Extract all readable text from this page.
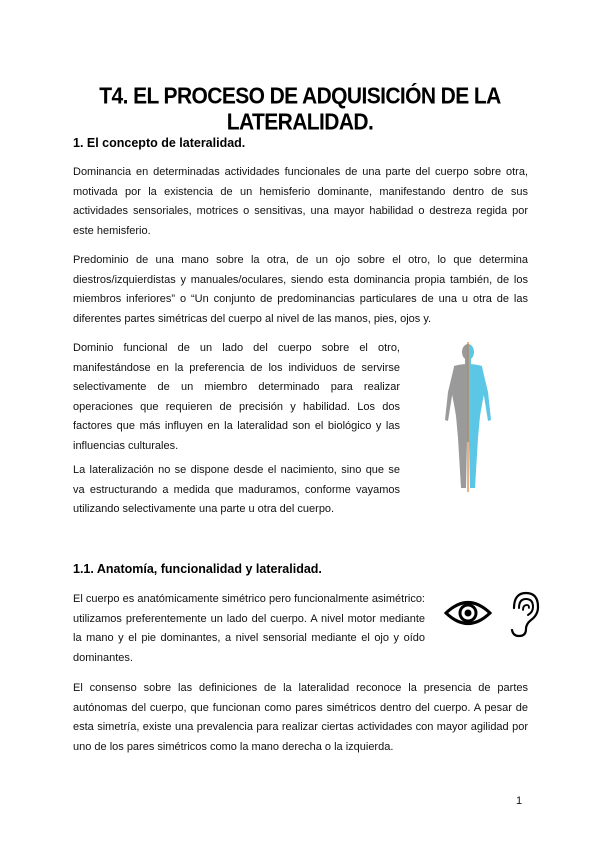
T4. EL PROCESO DE ADQUISICIÓN DE LA LATERALIDAD.
1. El concepto de lateralidad.
Dominancia en determinadas actividades funcionales de una parte del cuerpo sobre otra, motivada por la existencia de un hemisferio dominante, manifestando dentro de sus actividades sensoriales, motrices o sensitivas, una mayor habilidad o destreza regida por este hemisferio.
Predominio de una mano sobre la otra, de un ojo sobre el otro, lo que determina diestros/izquierdistas y manuales/oculares, siendo esta dominancia propia también, de los miembros inferiores” o “Un conjunto de predominancias particulares de una u otra de las diferentes partes simétricas del cuerpo al nivel de las manos, pies, ojos y.
Dominio funcional de un lado del cuerpo sobre el otro, manifestándose en la preferencia de los individuos de servirse selectivamente de un miembro determinado para realizar operaciones que requieren de precisión y habilidad. Los dos factores que más influyen en la lateralidad son el biológico y las influencias culturales.
La lateralización no se dispone desde el nacimiento, sino que se va estructurando a medida que maduramos, conforme vayamos utilizando selectivamente una parte u otra del cuerpo.
1.1. Anatomía, funcionalidad y lateralidad.
El cuerpo es anatómicamente simétrico pero funcionalmente asimétrico: utilizamos preferentemente un lado del cuerpo. A nivel motor mediante la mano y el pie dominantes, a nivel sensorial mediante el ojo y oído dominantes.
El consenso sobre las definiciones de la lateralidad reconoce la presencia de partes autónomas del cuerpo, que funcionan como pares simétricos dentro del cuerpo. A pesar de esta simetría, existe una prevalencia para realizar ciertas actividades con mayor agilidad por uno de los pares simétricos como la mano derecha o la izquierda.
1
